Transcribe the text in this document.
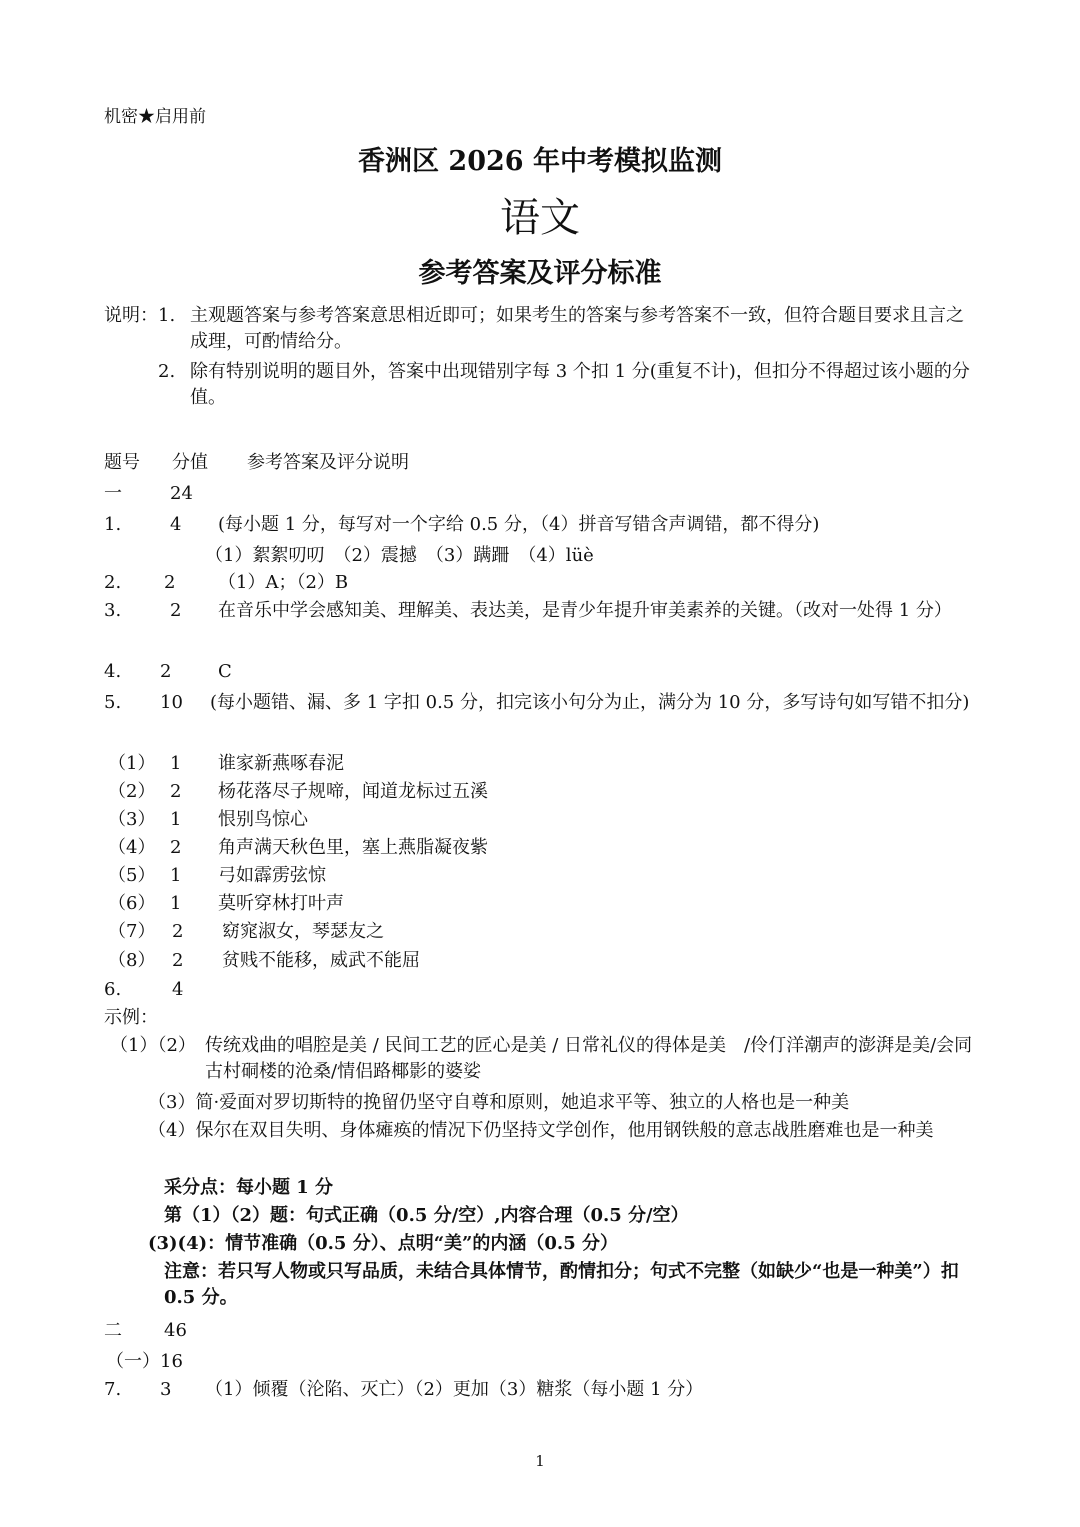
机密★启用前
香洲区 2026 年中考模拟监测
语文
参考答案及评分标准
说明： 1. 主观题答案与参考答案意思相近即可；如果考生的答案与参考答案不一致，但符合题目要求且言之成理，可酌情给分。
2. 除有特别说明的题目外，答案中出现错别字每 3 个扣 1 分(重复不计)，但扣分不得超过该小题的分值。
题号 分值 参考答案及评分说明
一	24
1.	4 (每小题 1 分，每写对一个字给 0.5 分，（4）拼音写错含声调错，都不得分)
（1）絮絮叨叨　（2）震撼　（3）蹒跚　（4）lüè
2. 2 （1）A；（2）B
3.	2 在音乐中学会感知美、理解美、表达美，是青少年提升审美素养的关键。（改对一处得 1 分）
4. 2	C
5. 10 (每小题错、漏、多 1 字扣 0.5 分，扣完该小句分为止，满分为 10 分，多写诗句如写错不扣分)
（1） 1 谁家新燕啄春泥
（2） 2 杨花落尽子规啼，闻道龙标过五溪
（3） 1 恨别鸟惊心
（4） 2 角声满天秋色里，塞上燕脂凝夜紫
（5） 1 弓如霹雳弦惊
（6） 1 莫听穿林打叶声
（7） 2 窈窕淑女，琴瑟友之
（8） 2 贫贱不能移，威武不能屈
6.	4
示例：
（1）（2） 传统戏曲的唱腔是美 / 民间工艺的匠心是美 / 日常礼仪的得体是美　/伶仃洋潮声的澎湃是美/会同古村硐楼的沧桑/情侣路椰影的婆娑
（3）简·爱面对罗切斯特的挽留仍坚守自尊和原则，她追求平等、独立的人格也是一种美
（4）保尔在双目失明、身体瘫痪的情况下仍坚持文学创作，他用钢铁般的意志战胜磨难也是一种美
采分点：每小题 1 分
第（1）（2）题：句式正确（0.5 分/空）,内容合理（0.5 分/空）
(3)(4)：情节准确（0.5 分）、点明“美”的内涵（0.5 分）
注意：若只写人物或只写品质，未结合具体情节，酌情扣分；句式不完整（如缺少“也是一种美”）扣 0.5 分。
二 46
（一）16
7. 3 （1）倾覆（沦陷、灭亡）（2）更加（3）糖浆（每小题 1 分）
1
